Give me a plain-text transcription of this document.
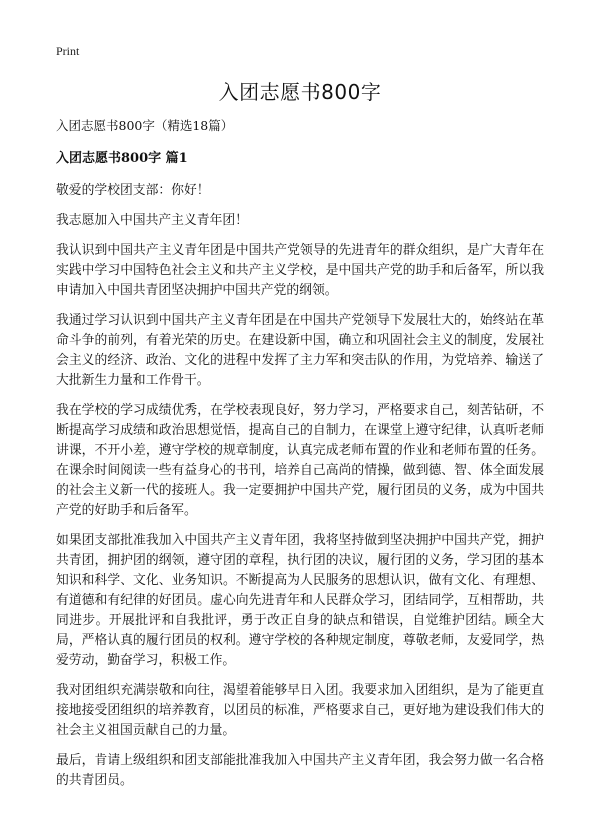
Print
入团志愿书800字
入团志愿书800字（精选18篇）
入团志愿书800字 篇1

敬爱的学校团支部：你好！

我志愿加入中国共产主义青年团！

我认识到中国共产主义青年团是中国共产党领导的先进青年的群众组织，是广大青年在实践中学习中国特色社会主义和共产主义学校，是中国共产党的助手和后备军，所以我申请加入中国共青团坚决拥护中国共产党的纲领。

我通过学习认识到中国共产主义青年团是在中国共产党领导下发展壮大的，始终站在革命斗争的前列，有着光荣的历史。在建设新中国，确立和巩固社会主义的制度，发展社会主义的经济、政治、文化的进程中发挥了主力军和突击队的作用，为党培养、输送了大批新生力量和工作骨干。

我在学校的学习成绩优秀，在学校表现良好，努力学习，严格要求自己，刻苦钻研，不断提高学习成绩和政治思想觉悟，提高自己的自制力，在课堂上遵守纪律，认真听老师讲课，不开小差，遵守学校的规章制度，认真完成老师布置的作业和老师布置的任务。在课余时间阅读一些有益身心的书刊，培养自己高尚的情操，做到德、智、体全面发展的社会主义新一代的接班人。我一定要拥护中国共产党，履行团员的义务，成为中国共产党的好助手和后备军。

如果团支部批准我加入中国共产主义青年团，我将坚持做到坚决拥护中国共产党，拥护共青团，拥护团的纲领，遵守团的章程，执行团的决议，履行团的义务，学习团的基本知识和科学、文化、业务知识。不断提高为人民服务的思想认识，做有文化、有理想、有道德和有纪律的好团员。虚心向先进青年和人民群众学习，团结同学，互相帮助，共同进步。开展批评和自我批评，勇于改正自身的缺点和错误，自觉维护团结。顾全大局，严格认真的履行团员的权利。遵守学校的各种规定制度，尊敬老师，友爱同学，热爱劳动，勤奋学习，积极工作。

我对团组织充满崇敬和向往，渴望着能够早日入团。我要求加入团组织，是为了能更直接地接受团组织的培养教育，以团员的标准，严格要求自己，更好地为建设我们伟大的社会主义祖国贡献自己的力量。

最后，肯请上级组织和团支部能批准我加入中国共产主义青年团，我会努力做一名合格的共青团员。
